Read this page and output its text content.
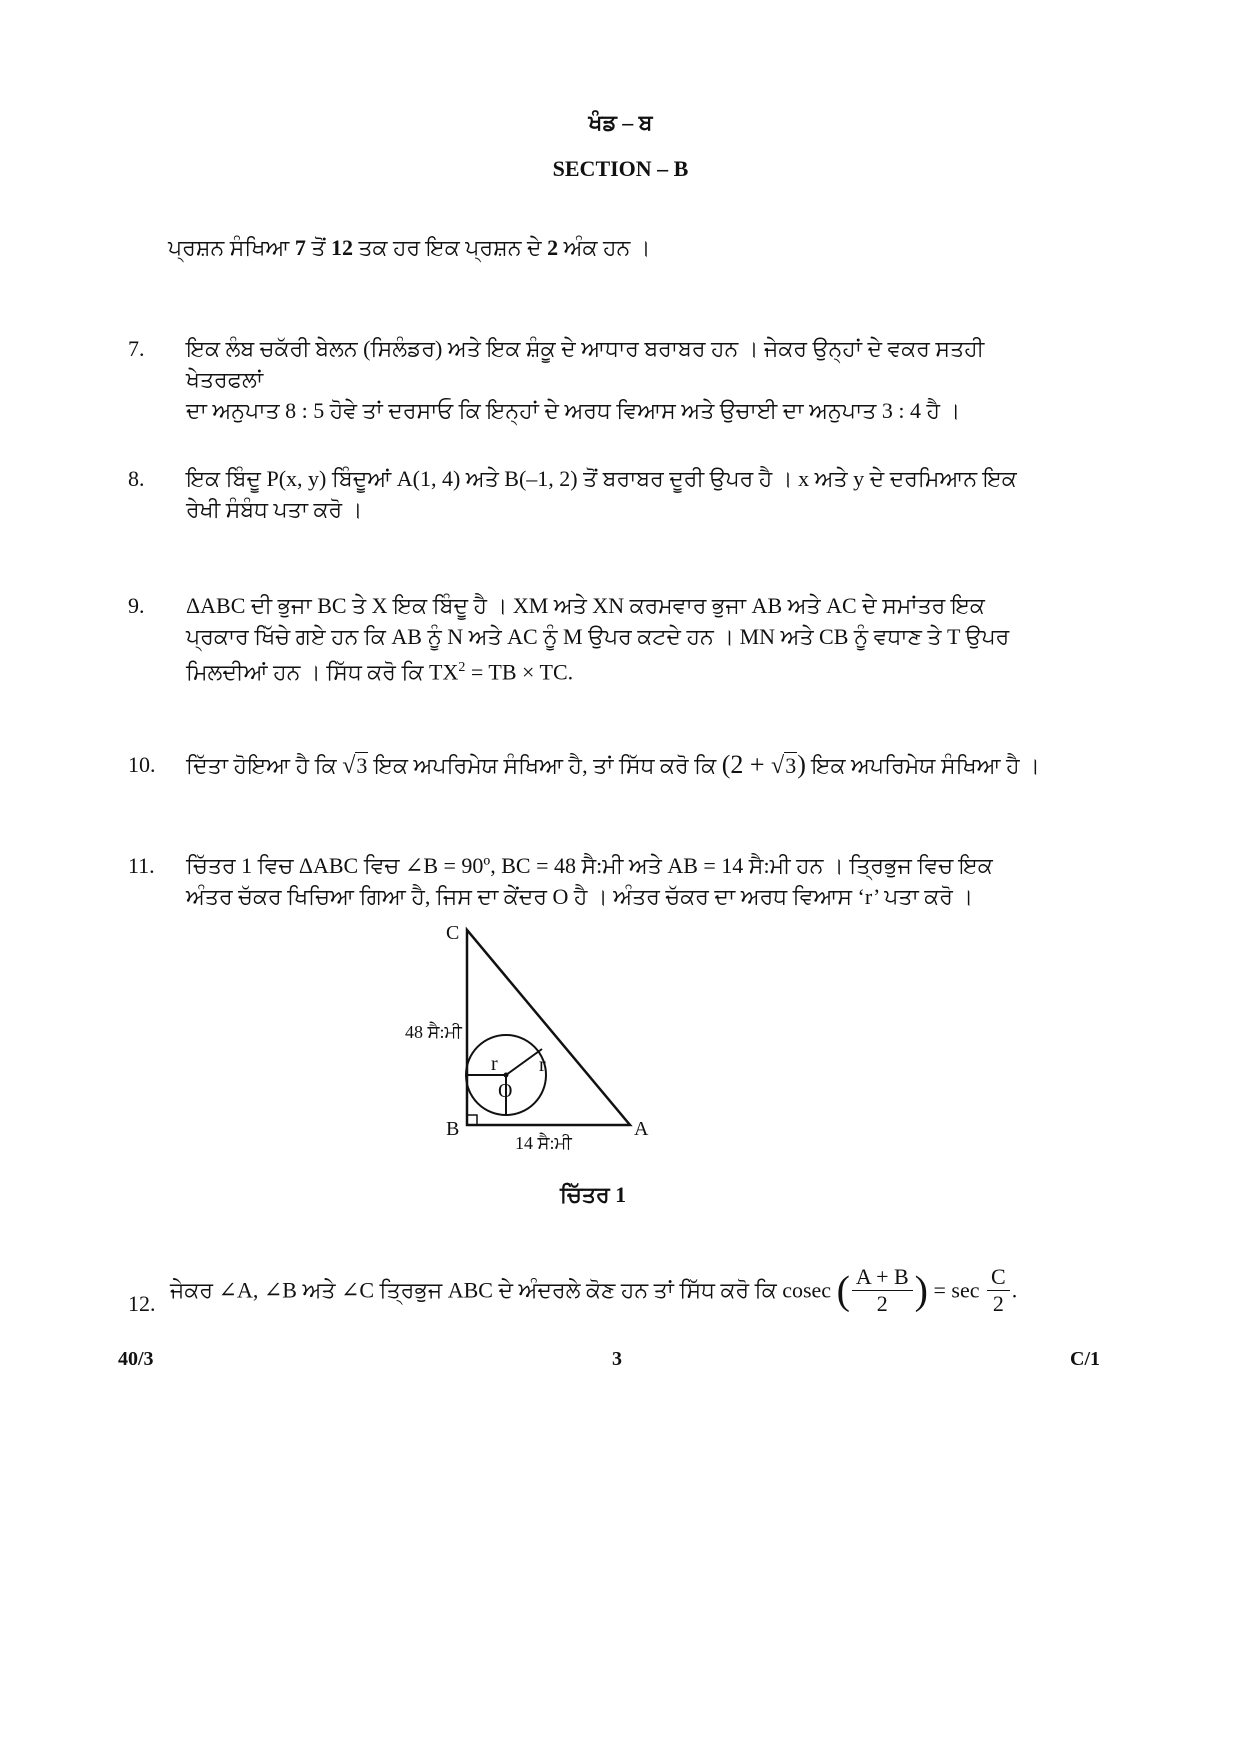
ਖੰਡ – ਬ
SECTION – B
ਪ੍ਰਸ਼ਨ ਸੰਖਿਆ 7 ਤੋਂ 12 ਤਕ ਹਰ ਇਕ ਪ੍ਰਸ਼ਨ ਦੇ 2 ਅੰਕ ਹਨ ।
7. ਇਕ ਲੰਬ ਚਕੱਰੀ ਬੇਲਨ (ਸਿਲੰਡਰ) ਅਤੇ ਇਕ ਸ਼ੰਕੂ ਦੇ ਆਧਾਰ ਬਰਾਬਰ ਹਨ । ਜੇਕਰ ਉਨ੍ਹਾਂ ਦੇ ਵਕਰ ਸਤਹੀ ਖੇਤਰਫਲਾਂ
ਦਾ ਅਨੁਪਾਤ 8 : 5 ਹੋਵੇ ਤਾਂ ਦਰਸਾਓ ਕਿ ਇਨ੍ਹਾਂ ਦੇ ਅਰਧ ਵਿਆਸ ਅਤੇ ਉਚਾਈ ਦਾ ਅਨੁਪਾਤ 3 : 4 ਹੈ ।
8. ਇਕ ਬਿੰਦੂ P(x, y) ਬਿੰਦੂਆਂ A(1, 4) ਅਤੇ B(–1, 2) ਤੋਂ ਬਰਾਬਰ ਦੂਰੀ ਉਪਰ ਹੈ । x ਅਤੇ y ਦੇ ਦਰਮਿਆਨ ਇਕ
ਰੇਖੀ ਸੰਬੰਧ ਪਤਾ ਕਰੋ ।
9. ΔABC ਦੀ ਭੁਜਾ BC ਤੇ X ਇਕ ਬਿੰਦੂ ਹੈ । XM ਅਤੇ XN ਕਰਮਵਾਰ ਭੁਜਾ AB ਅਤੇ AC ਦੇ ਸਮਾਂਤਰ ਇਕ
ਪ੍ਰਕਾਰ ਖਿੱਚੇ ਗਏ ਹਨ ਕਿ AB ਨੂੰ N ਅਤੇ AC ਨੂੰ M ਉਪਰ ਕਟਦੇ ਹਨ । MN ਅਤੇ CB ਨੂੰ ਵਧਾਣ ਤੇ T ਉਪਰ
ਮਿਲਦੀਆਂ ਹਨ । ਸਿੱਧ ਕਰੋ ਕਿ $TX^2$ = TB × TC.
10. ਦਿੱਤਾ ਹੋਇਆ ਹੈ ਕਿ √3 ਇਕ ਅਪਰਿਮੇਯ ਸੰਖਿਆ ਹੈ, ਤਾਂ ਸਿੱਧ ਕਰੋ ਕਿ (2 + √3) ਇਕ ਅਪਰਿਮੇਯ ਸੰਖਿਆ ਹੈ ।
11. ਚਿੱਤਰ 1 ਵਿਚ ΔABC ਵਿਚ ∠B = 90º, BC = 48 ਸੈ:ਮੀ ਅਤੇ AB = 14 ਸੈ:ਮੀ ਹਨ । ਤ੍ਰਿਭੁਜ ਵਿਚ ਇਕ
ਅੰਤਰ ਚੱਕਰ ਖਿਚਿਆ ਗਿਆ ਹੈ, ਜਿਸ ਦਾ ਕੇਂਦਰ O ਹੈ । ਅੰਤਰ ਚੱਕਰ ਦਾ ਅਰਧ ਵਿਆਸ ‘r’ ਪਤਾ ਕਰੋ ।
C
B	A
O
r r
48 ਸੈ:ਮੀ
14 ਸੈ:ਮੀ
ਚਿੱਤਰ 1
12.
ਜੇਕਰ ∠A, ∠B ਅਤੇ ∠C ਤ੍ਰਿਭੁਜ ABC ਦੇ ਅੰਦਰਲੇ ਕੋਣ ਹਨ ਤਾਂ ਸਿੱਧ ਕਰੋ ਕਿ cosec ( $\frac{A + B}{2}$ ) = $\sec \frac{C}{2}$ .
40/3	3	C/1
